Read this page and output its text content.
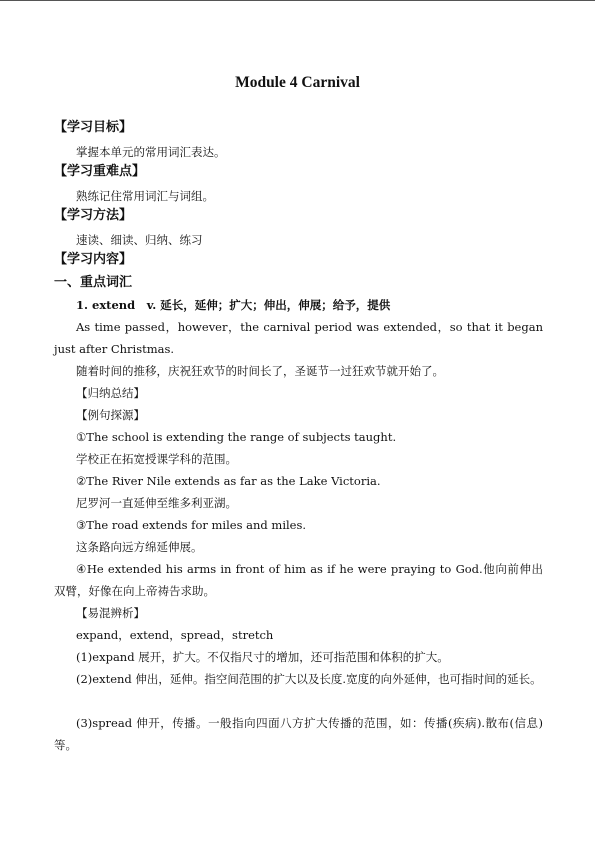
Module 4 Carnival
【学习目标】
掌握本单元的常用词汇表达。
【学习重难点】
熟练记住常用词汇与词组。
【学习方法】
速读、细读、归纳、练习
【学习内容】
一、重点词汇
1. extend　v. 延长，延伸；扩大；伸出，伸展；给予，提供
As time passed，however，the carnival period was extended，so that it began just after Christmas.
随着时间的推移，庆祝狂欢节的时间长了，圣诞节一过狂欢节就开始了。
【归纳总结】
【例句探源】
①The school is extending the range of subjects taught.
学校正在拓宽授课学科的范围。
②The River Nile extends as far as the Lake Victoria.
尼罗河一直延伸至维多利亚湖。
③The road extends for miles and miles.
这条路向远方绵延伸展。
④He extended his arms in front of him as if he were praying to God.他向前伸出双臂，好像在向上帝祷告求助。
【易混辨析】
expand，extend，spread，stretch
(1)expand 展开，扩大。不仅指尺寸的增加，还可指范围和体积的扩大。
(2)extend 伸出，延伸。指空间范围的扩大以及长度.宽度的向外延伸，也可指时间的延长。
(3)spread 伸开，传播。一般指向四面八方扩大传播的范围，如：传播(疾病).散布(信息)等。
